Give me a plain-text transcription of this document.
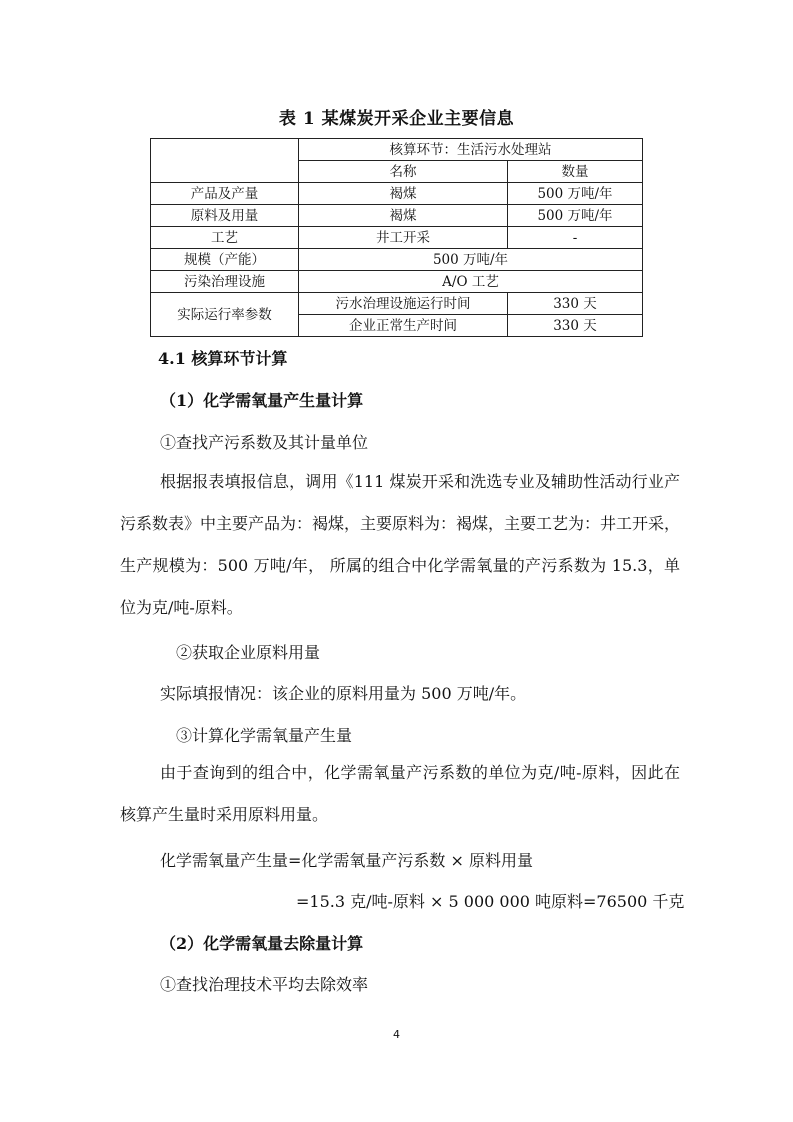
表 1 某煤炭开采企业主要信息
	核算环节：生活污水处理站	
	名称	数量
产品及产量	褐煤	500 万吨/年
原料及用量	褐煤	500 万吨/年
工艺	井工开采	-
规模（产能）	500 万吨/年	
污染治理设施	A/O 工艺	
实际运行率参数	污水治理设施运行时间	330 天
	企业正常生产时间	330 天
4.1 核算环节计算
（1）化学需氧量产生量计算
①查找产污系数及其计量单位
根据报表填报信息，调用《111 煤炭开采和洗选专业及辅助性活动行业产污系数表》中主要产品为：褐煤，主要原料为：褐煤，主要工艺为：井工开采，生产规模为：500 万吨/年， 所属的组合中化学需氧量的产污系数为 15.3，单位为克/吨-原料。
②获取企业原料用量
实际填报情况：该企业的原料用量为 500 万吨/年。
③计算化学需氧量产生量
由于查询到的组合中，化学需氧量产污系数的单位为克/吨-原料，因此在核算产生量时采用原料用量。
化学需氧量产生量=化学需氧量产污系数 × 原料用量
=15.3 克/吨-原料 × 5 000 000 吨原料=76500 千克
（2）化学需氧量去除量计算
①查找治理技术平均去除效率
4
